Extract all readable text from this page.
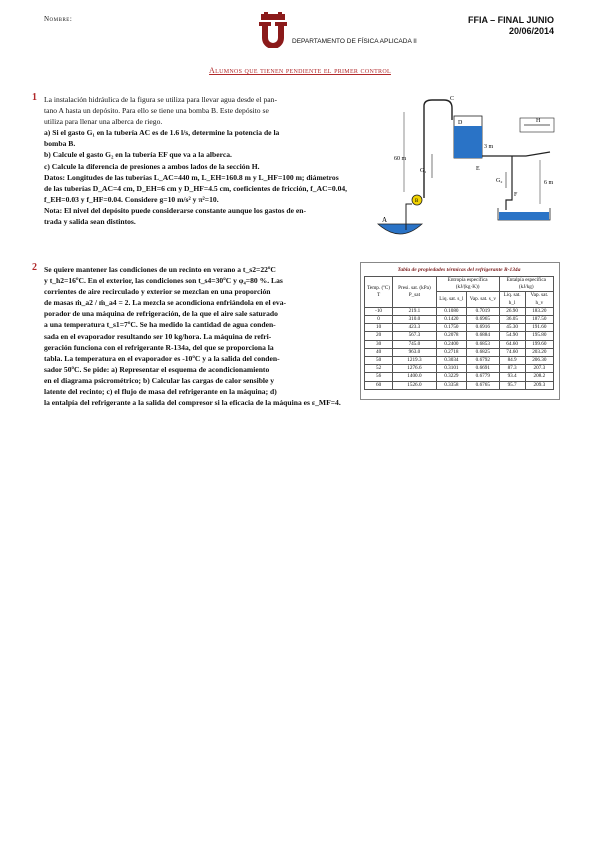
Nombre:
DEPARTAMENTO DE FÍSICA APLICADA II
FFIA – FINAL JUNIO
20/06/2014
Alumnos que tienen pendiente el primer control
1 La instalación hidráulica de la figura se utiliza para llevar agua desde el pan-
tano A hasta un depósito. Para ello se tiene una bomba B. Este depósito se
utiliza para llenar una alberca de riego.
a) Si el gasto G₁ en la tubería AC es de 1.6 l/s, determine la potencia de la
bomba B.
b) Calcule el gasto G₂ en la tubería EF que va a la alberca.
c) Calcule la diferencia de presiones a ambos lados de la sección H.
Datos: Longitudes de las tuberías L_AC=440 m, L_EH=160.8 m y L_HF=100 m; diámetros
de las tuberías D_AC=4 cm, D_EH=6 cm y D_HF=4.5 cm, coeficientes de fricción, f_AC=0.04,
f_EH=0.03 y f_HF=0.04. Considere g=10 m/s² y π²=10.
Nota: El nivel del depósito puede considerarse constante aunque los gastos de en-
trada y salida sean distintos.	A
B
C
60 m
G₁
D
3 m
E
H
G₂
F
6 m
2 Se quiere mantener las condiciones de un recinto en verano a t_s2=22ºC
y t_h2=16ºC. En el exterior, las condiciones son t_s4=30ºC y φ₄=80 %. Las
corrientes de aire recirculado y exterior se mezclan en una proporción
de masas ṁ_a2 / ṁ_a4 = 2. La mezcla se acondiciona enfriándola en el eva-
porador de una máquina de refrigeración, de la que el aire sale saturado
a una temperatura t_s1=7ºC. Se ha medido la cantidad de agua conden-
sada en el evaporador resultando ser 10 kg/hora. La máquina de refri-
geración funciona con el refrigerante R-134a, del que se proporciona la
tabla. La temperatura en el evaporador es -10ºC y a la salida del conden-
sador 50ºC. Se pide: a) Representar el esquema de acondicionamiento
en el diagrama psicrométrico; b) Calcular las cargas de calor sensible y
latente del recinto; c) el flujo de masa del refrigerante en la máquina; d)
la entalpía del refrigerante a la salida del compresor si la eficacia de la máquina es ε_MF=4.
Tabla de propiedades térmicas del refrigerante R-134a
Temp. (ºC) T	Presi. sat. (kPa) P_sat	Entropía específica (kJ/(kg·K))		Entalpía específica (kJ/kg)	
		Liq. sat. s_l	Vap. sat. s_v	Liq. sat. h_l	Vap. sat. h_v
-10	219.1	0.1080	0.7019	26.90	183.20
0	310.0	0.1420	0.6965	36.05	187.50
10	423.3	0.1750	0.6916	45.30	191.60
20	567.3	0.2078	0.6884	54.90	195.80
30	745.0	0.2400	0.6853	64.60	199.60
40	963.0	0.2718	0.6825	74.60	203.20
50	1219.3	0.3034	0.6792	84.9	206.30
52	1276.6	0.3101	0.6691	87.3	207.3
56	1400.0	0.3229	0.6779	93.4	208.2
60	1526.0	0.3358	0.6765	95.7	209.3
